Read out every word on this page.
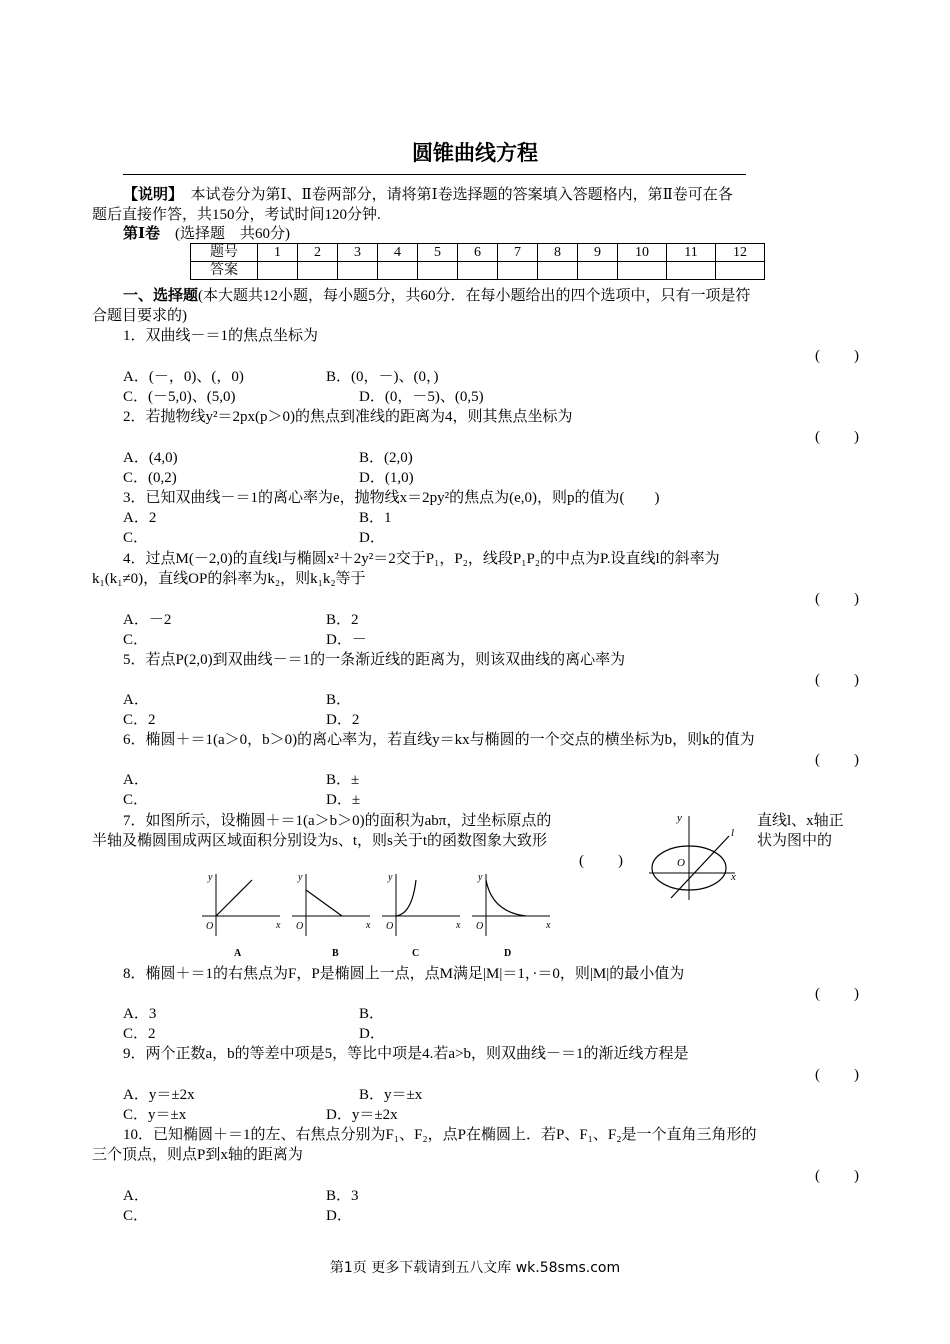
圆锥曲线方程
【说明】　本试卷分为第Ⅰ、Ⅱ卷两部分，请将第Ⅰ卷选择题的答案填入答题格内，第Ⅱ卷可在各
题后直接作答，共150分，考试时间120分钟.
第Ⅰ卷　 (选择题　共60分)
题号	1	2	3	4	5	6	7	8	9	10	11	12
答案												
一、选择题(本大题共12小题，每小题5分，共60分．在每小题给出的四个选项中，只有一项是符
合题目要求的)
1．双曲线－＝1的焦点坐标为
( )
A．(－，0)、(，0)	B．(0，－)、(0，)
C．(－5,0)、(5,0)	D．(0，－5)、(0,5)
2．若抛物线y²＝2px(p＞0)的焦点到准线的距离为4，则其焦点坐标为
( )
A．(4,0)	B．(2,0)
C．(0,2)	D．(1,0)
3．已知双曲线－＝1的离心率为e，抛物线x＝2py²的焦点为(e,0)，则p的值为(　　)
A．2	B．1
C．	D．
4．过点M(－2,0)的直线l与椭圆x²＋2y²＝2交于P₁，P₂，线段P₁P₂的中点为P.设直线l的斜率为
k₁(k₁≠0)，直线OP的斜率为k₂，则k₁k₂等于
( )
A．－2	B．2
C．	D．－
5．若点P(2,0)到双曲线－＝1的一条渐近线的距离为，则该双曲线的离心率为
( )
A．	B．
C．2	D．2
6．椭圆＋＝1(a＞0，b＞0)的离心率为，若直线y＝kx与椭圆的一个交点的横坐标为b，则k的值为
( )
A．	B．±
C．	D．±
7．如图所示，设椭圆＋＝1(a＞b＞0)的面积为abπ，过坐标原点的	直线l、x轴正
半轴及椭圆围成两区域面积分别设为s、t，则s关于t的函数图象大致形	状为图中的
( )
y
x
O
l
y
x
O
A
y
x
O
B
y
x
O
C
y
x
O
D
8．椭圆＋＝1的右焦点为F，P是椭圆上一点，点M满足|M|＝1，·＝0，则|M|的最小值为
( )
A．3	B．
C．2	D．
9．两个正数a，b的等差中项是5，等比中项是4.若a>b，则双曲线－＝1的渐近线方程是
( )
A．y＝±2x	B．y＝±x
C．y＝±x	D．y＝±2x
10．已知椭圆＋＝1的左、右焦点分别为F₁、F₂，点P在椭圆上．若P、F₁、F₂是一个直角三角形的
三个顶点，则点P到x轴的距离为
( )
A．	B．3
C．	D．
第1页 更多下载请到五八文库 wk.58sms.com
